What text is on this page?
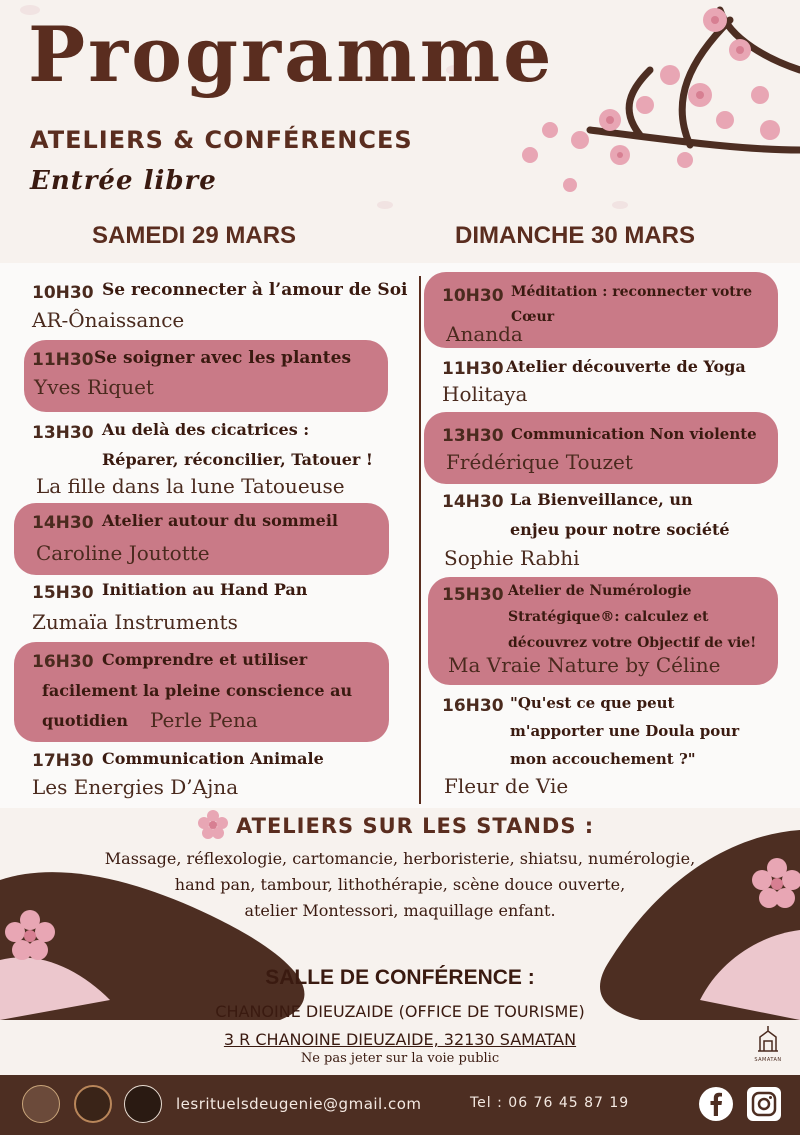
Programme
ATELIERS & CONFÉRENCES
Entrée libre
SAMEDI 29 MARS	DIMANCHE 30 MARS
10H30 Se reconnecter à l’amour de Soi
AR-Ônaissance
11H30 Se soigner avec les plantes
Yves Riquet
13H30 Au delà des cicatrices :
Réparer, réconcilier, Tatouer !
La fille dans la lune Tatoueuse
14H30 Atelier autour du sommeil
Caroline Joutotte
15H30 Initiation au Hand Pan
Zumaïa Instruments
16H30 Comprendre et utiliser
facilement la pleine conscience au
quotidien Perle Pena
17H30 Communication Animale
Les Energies D’Ajna
10H30 Méditation : reconnecter votre
Cœur
Ananda
11H30 Atelier découverte de Yoga
Holitaya
13H30 Communication Non violente
Frédérique Touzet
14H30 La Bienveillance, un
enjeu pour notre société
Sophie Rabhi
15H30 Atelier de Numérologie
Stratégique®: calculez et
découvrez votre Objectif de vie!
Ma Vraie Nature by Céline
16H30 "Qu'est ce que peut
m'apporter une Doula pour
mon accouchement ?"
Fleur de Vie
ATELIERS SUR LES STANDS :
Massage, réflexologie, cartomancie, herboristerie, shiatsu, numérologie,
hand pan, tambour, lithothérapie, scène douce ouverte,
atelier Montessori, maquillage enfant.
SALLE DE CONFÉRENCE :
CHANOINE DIEUZAIDE (OFFICE DE TOURISME)
3 R CHANOINE DIEUZAIDE, 32130 SAMATAN
Ne pas jeter sur la voie public	SAMATAN
lesrituelsdeugenie@gmail.com	Tel : 06 76 45 87 19
